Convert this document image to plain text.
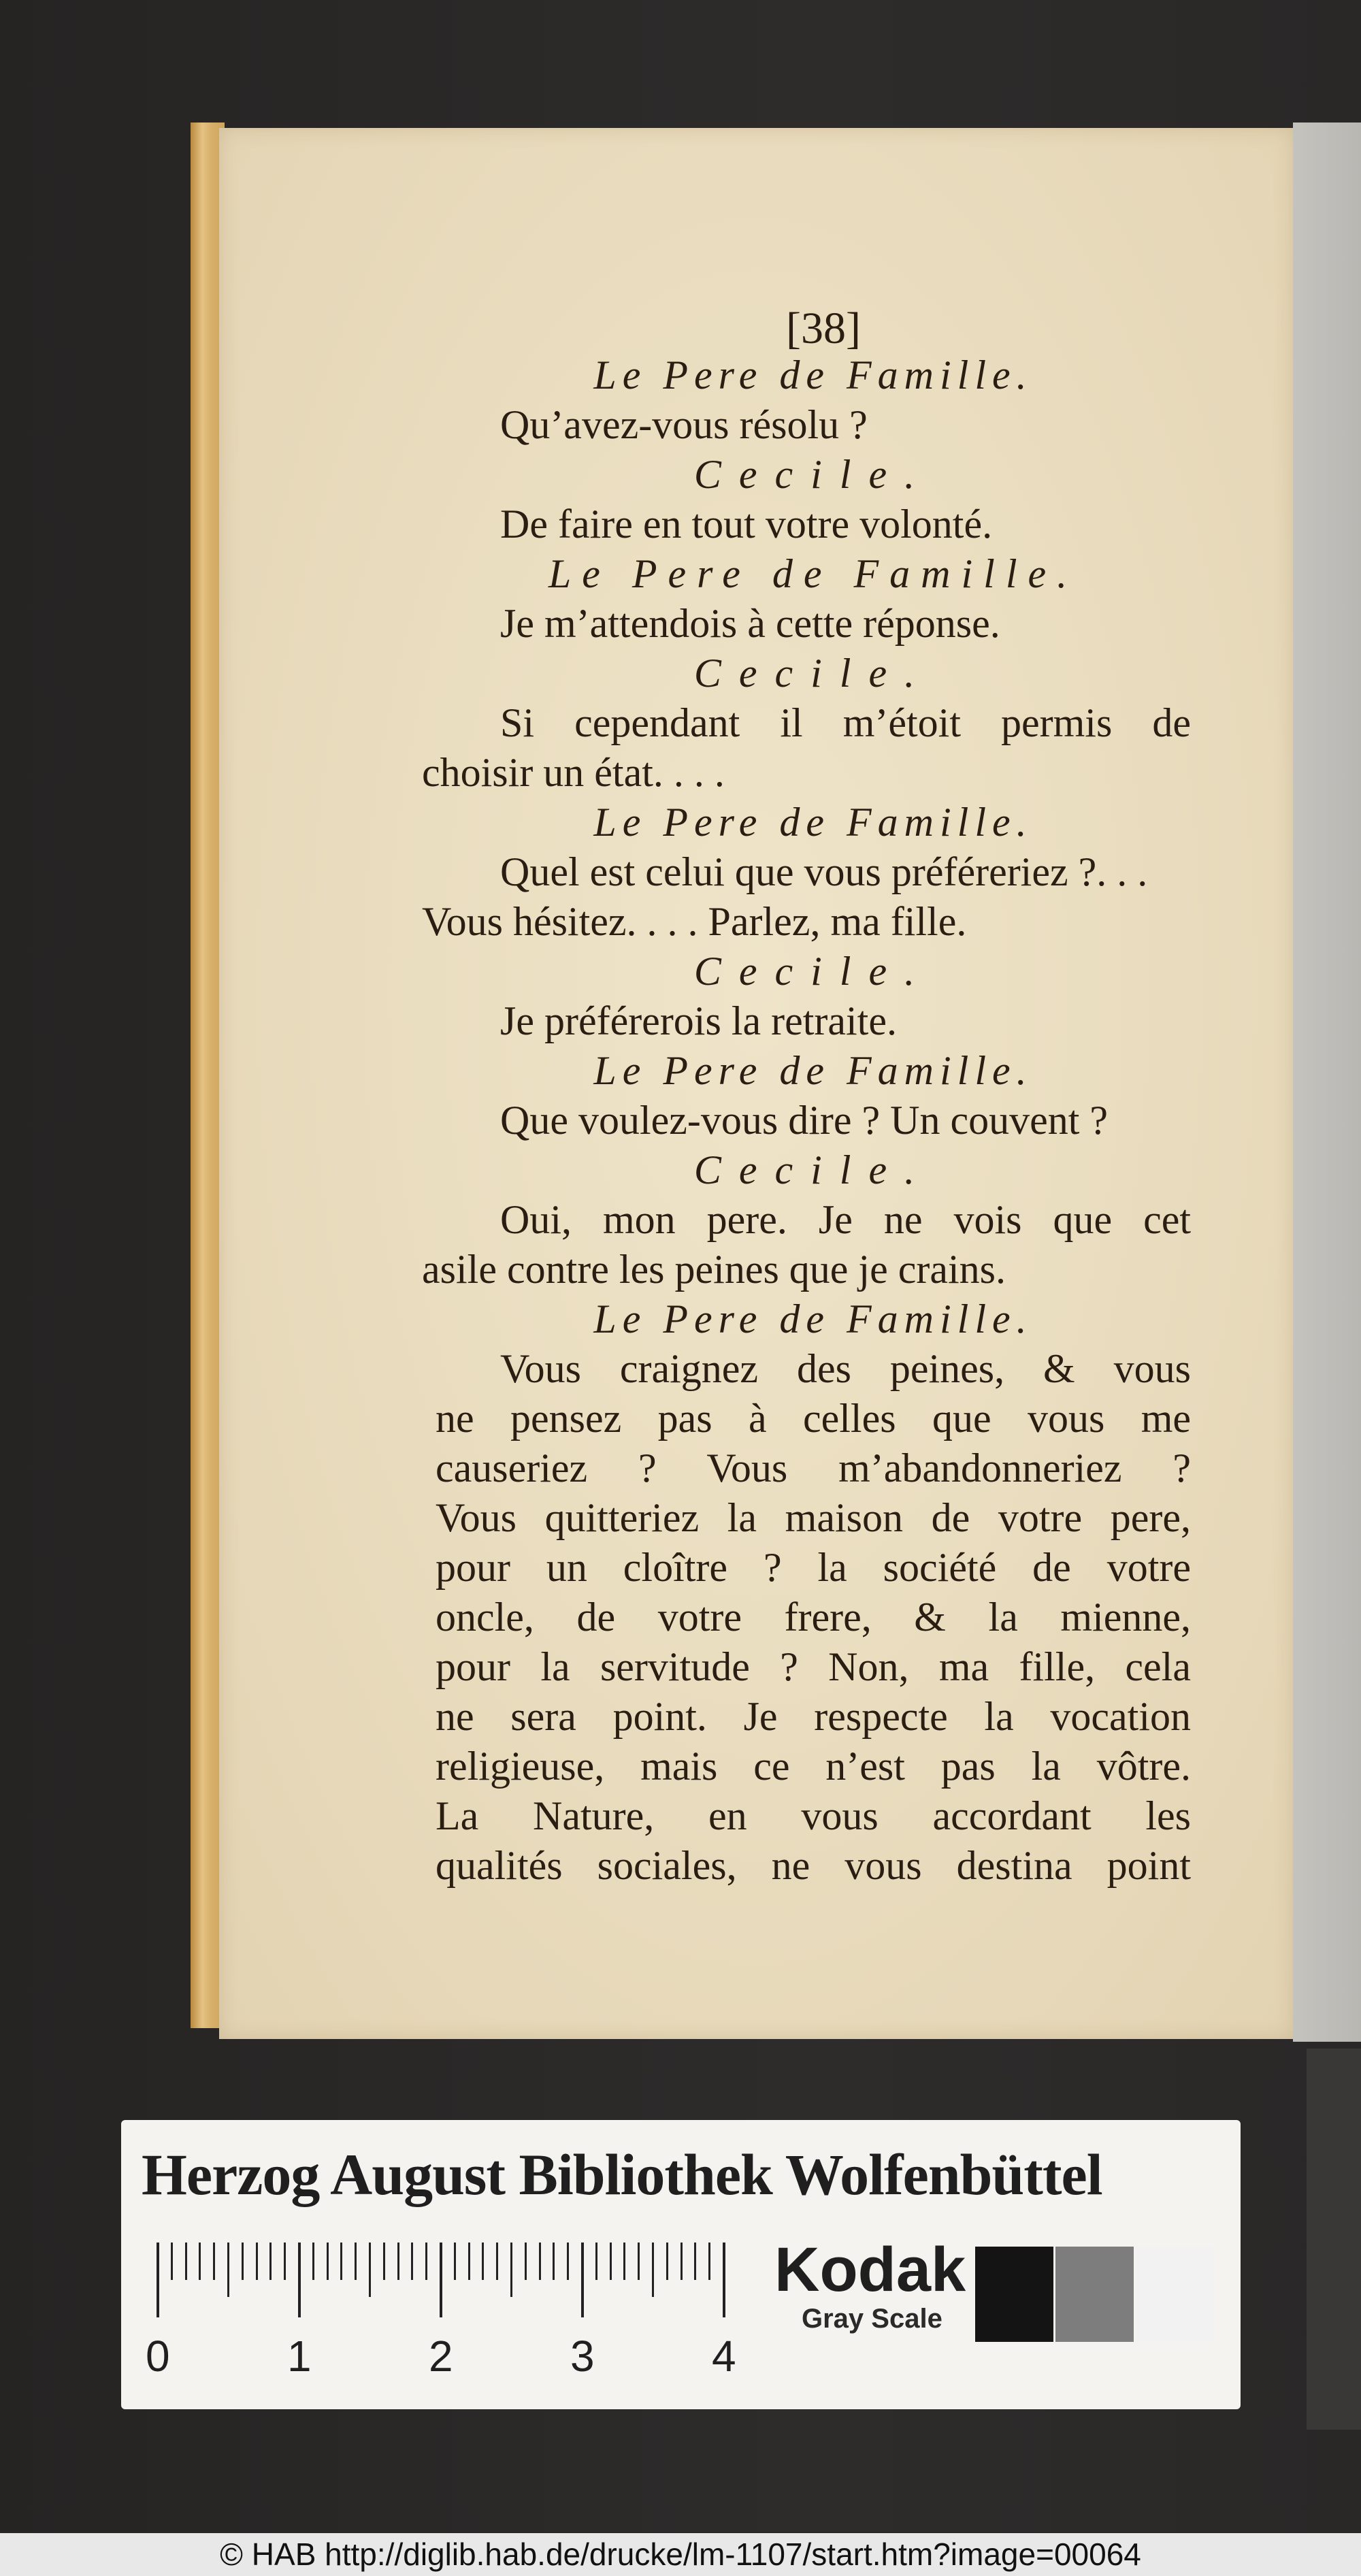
[38]
Le Pere de Famille.
Qu’avez-vous résolu ?
Cecile.
De faire en tout votre volonté.
Le Pere de Famille.
Je m’attendois à cette réponse.
Cecile.
Si cependant il m’étoit permis de
choisir un état. . . .
Le Pere de Famille.
Quel est celui que vous préféreriez ?. . .
Vous hésitez. . . . Parlez, ma fille.
Cecile.
Je préférerois la retraite.
Le Pere de Famille.
Que voulez-vous dire ? Un couvent ?
Cecile.
Oui, mon pere. Je ne vois que cet
asile contre les peines que je crains.
Le Pere de Famille.
Vous craignez des peines, & vous
ne pensez pas à celles que vous me
causeriez ? Vous m’abandonneriez ?
Vous quitteriez la maison de votre pere,
pour un cloître ? la société de votre
oncle, de votre frere, & la mienne,
pour la servitude ? Non, ma fille, cela
ne sera point. Je respecte la vocation
religieuse, mais ce n’est pas la vôtre.
La Nature, en vous accordant les
qualités sociales, ne vous destina point
Herzog August Bibliothek Wolfenbüttel
0	1	2	3	4
Kodak
Gray Scale
© HAB http://diglib.hab.de/drucke/lm-1107/start.htm?image=00064
